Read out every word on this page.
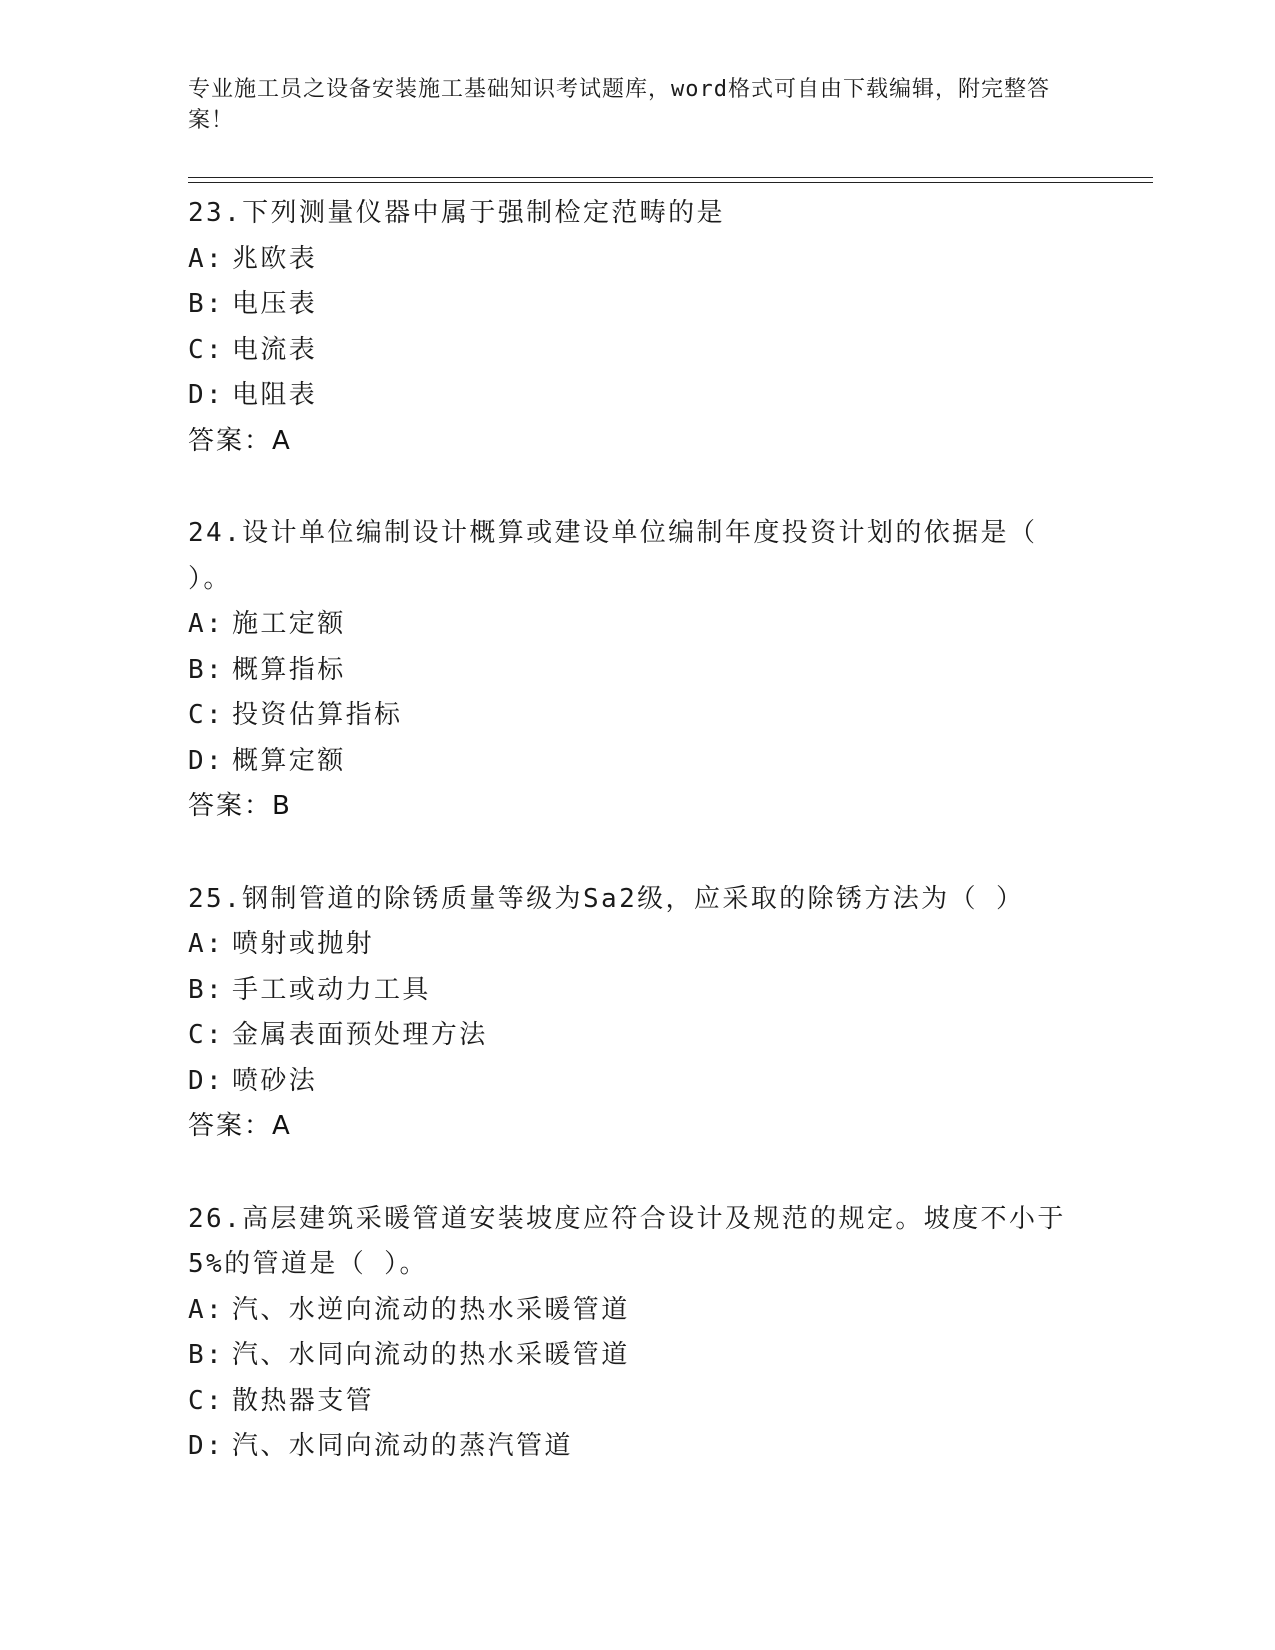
专业施工员之设备安装施工基础知识考试题库，word格式可自由下载编辑，附完整答案！
23.下列测量仪器中属于强制检定范畴的是
A: 兆欧表
B: 电压表
C: 电流表
D: 电阻表
答案：A
24.设计单位编制设计概算或建设单位编制年度投资计划的依据是（ ）。
A: 施工定额
B: 概算指标
C: 投资估算指标
D: 概算定额
答案：B
25.钢制管道的除锈质量等级为Sa2级，应采取的除锈方法为（ ）
A: 喷射或抛射
B: 手工或动力工具
C: 金属表面预处理方法
D: 喷砂法
答案：A
26.高层建筑采暖管道安装坡度应符合设计及规范的规定。坡度不小于5%的管道是（ ）。
A: 汽、水逆向流动的热水采暖管道
B: 汽、水同向流动的热水采暖管道
C: 散热器支管
D: 汽、水同向流动的蒸汽管道
